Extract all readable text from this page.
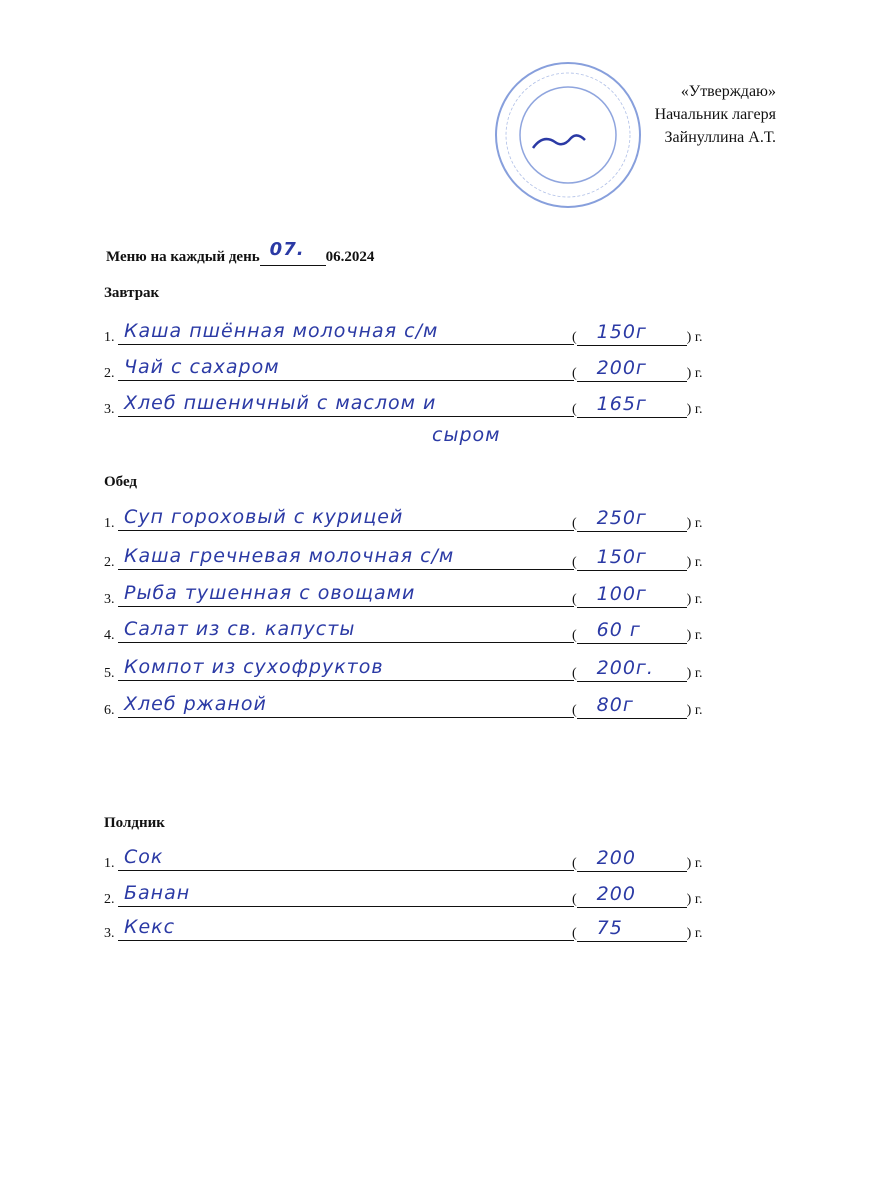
«Утверждаю»
Начальник лагеря
Зайнуллина А.Т.
Меню на каждый день 07. 06.2024
Завтрак
1. Каша пшённая молочная с/м	( 150г	) г.
2. Чай с сахаром	( 200г	) г.
3. Хлеб пшеничный с маслом и	( 165г	) г.
сыром
Обед
1. Суп гороховый с курицей	( 250г	) г.
2. Каша гречневая молочная с/м	( 150г	) г.
3. Рыба тушенная с овощами	( 100г	) г.
4. Салат из св. капусты	( 60 г	) г.
5. Компот из сухофруктов	( 200г. ) г.
6. Хлеб ржаной	( 80г	) г.
Полдник
1. Сок	( 200	) г.
2. Банан	( 200	) г.
3. Кекс	( 75	) г.
